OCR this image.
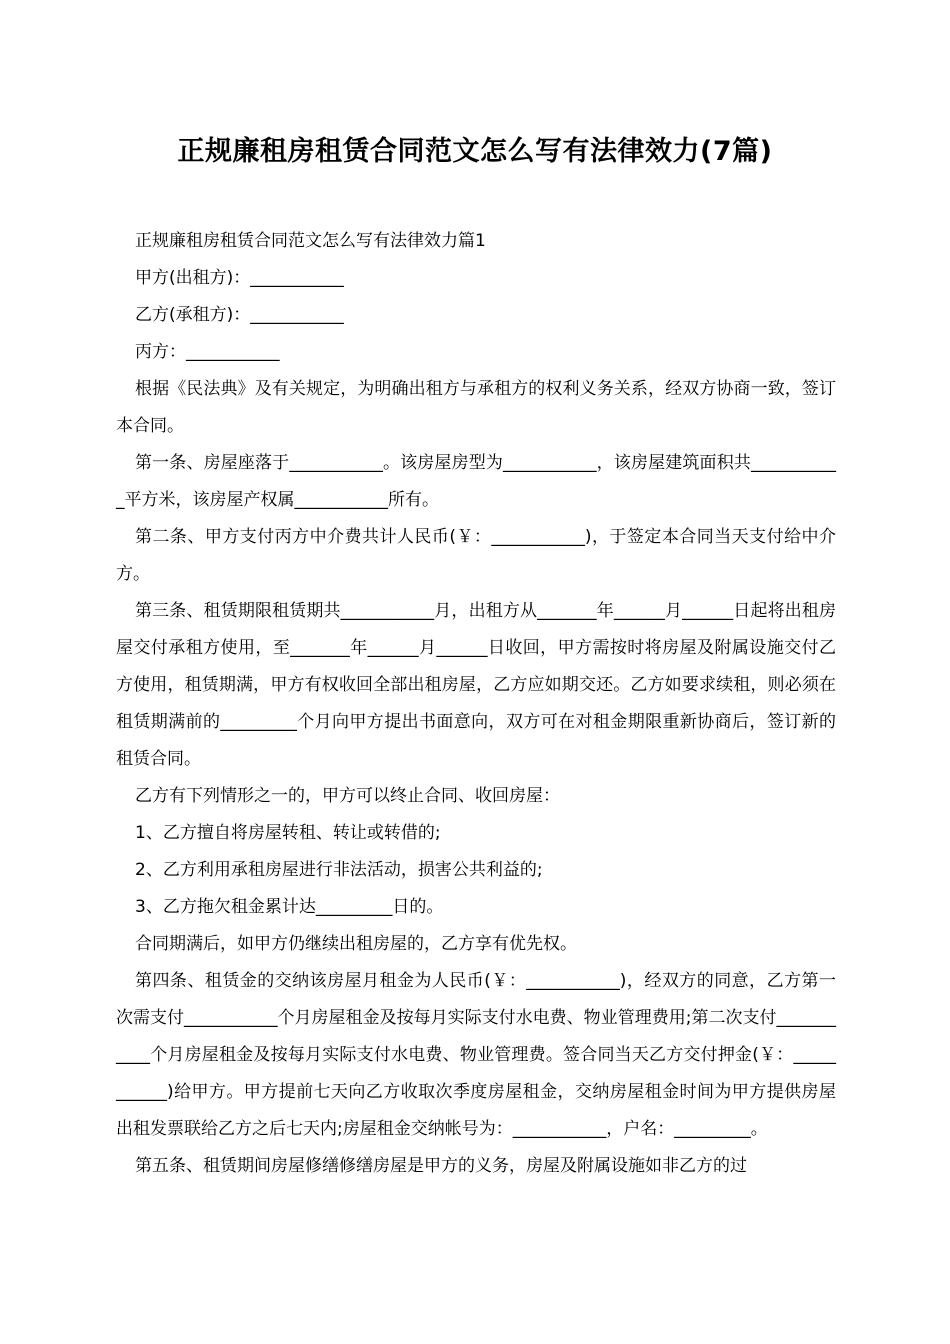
正规廉租房租赁合同范文怎么写有法律效力(7篇)

正规廉租房租赁合同范文怎么写有法律效力篇1

甲方(出租方)：___________

乙方(承租方)：___________

丙方：___________

根据《民法典》及有关规定，为明确出租方与承租方的权利义务关系，经双方协商一致，签订本合同。

第一条、房屋座落于___________。该房屋房型为___________，该房屋建筑面积共___________平方米，该房屋产权属___________所有。

第二条、甲方支付丙方中介费共计人民币(￥：___________)，于签定本合同当天支付给中介方。

第三条、租赁期限租赁期共___________月，出租方从_______年______月______日起将出租房屋交付承租方使用，至_______年______月______日收回，甲方需按时将房屋及附属设施交付乙方使用，租赁期满，甲方有权收回全部出租房屋，乙方应如期交还。乙方如要求续租，则必须在租赁期满前的_________个月向甲方提出书面意向，双方可在对租金期限重新协商后，签订新的租赁合同。

乙方有下列情形之一的，甲方可以终止合同、收回房屋：

1、乙方擅自将房屋转租、转让或转借的;

2、乙方利用承租房屋进行非法活动，损害公共利益的;

3、乙方拖欠租金累计达_________日的。

合同期满后，如甲方仍继续出租房屋的，乙方享有优先权。

第四条、租赁金的交纳该房屋月租金为人民币(￥：___________)，经双方的同意，乙方第一次需支付___________个月房屋租金及按每月实际支付水电费、物业管理费用;第二次支付___________个月房屋租金及按每月实际支付水电费、物业管理费。签合同当天乙方交付押金(￥：___________)给甲方。甲方提前七天向乙方收取次季度房屋租金，交纳房屋租金时间为甲方提供房屋出租发票联给乙方之后七天内;房屋租金交纳帐号为：___________，户名：_________。

第五条、租赁期间房屋修缮修缮房屋是甲方的义务，房屋及附属设施如非乙方的过
